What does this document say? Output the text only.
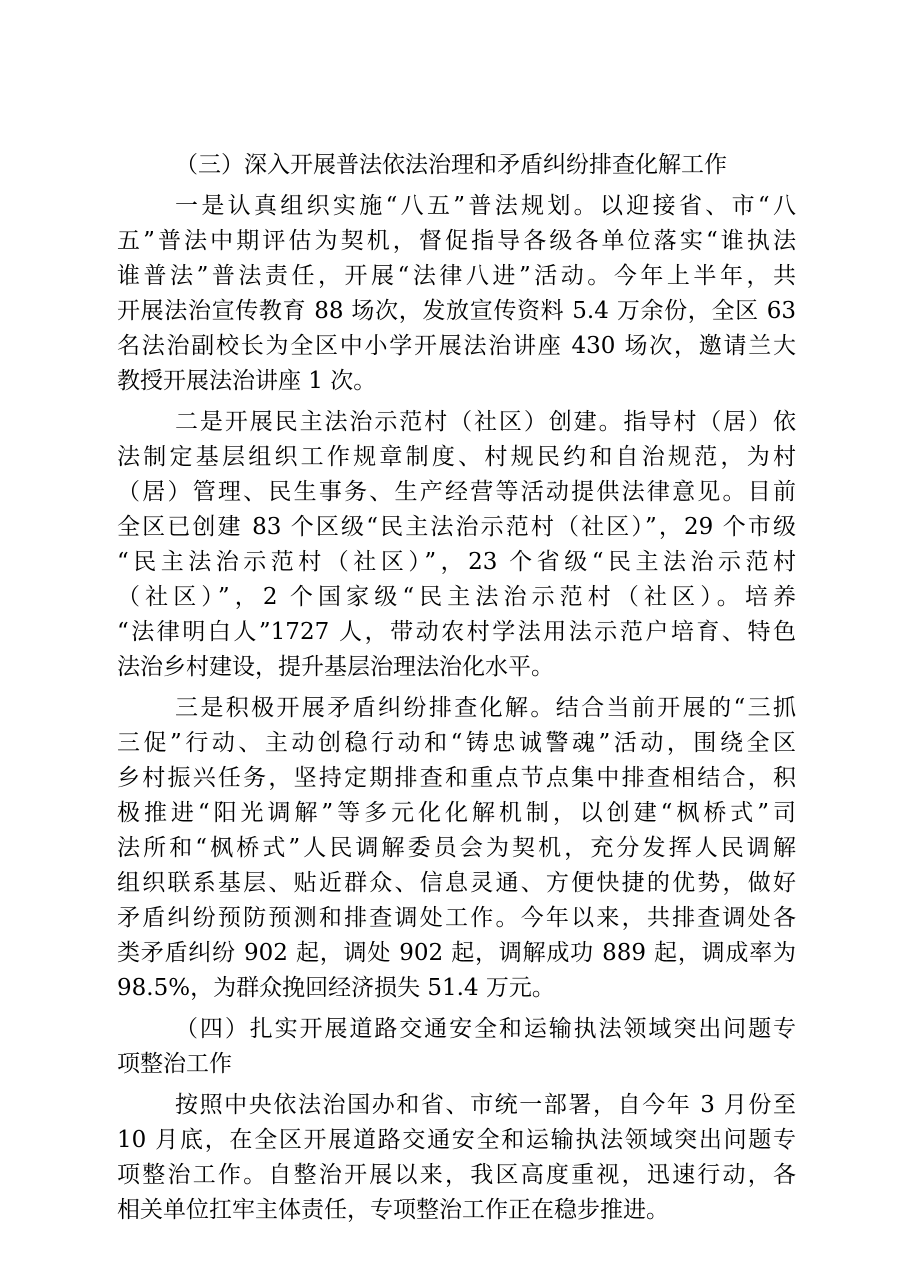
（三）深入开展普法依法治理和矛盾纠纷排查化解工作
一是认真组织实施“八五”普法规划。以迎接省、市“八
五”普法中期评估为契机，督促指导各级各单位落实“谁执法
谁普法”普法责任，开展“法律八进”活动。今年上半年，共
开展法治宣传教育 88 场次，发放宣传资料 5.4 万余份，全区 63
名法治副校长为全区中小学开展法治讲座 430 场次，邀请兰大
教授开展法治讲座 1 次。
二是开展民主法治示范村（社区）创建。指导村（居）依
法制定基层组织工作规章制度、村规民约和自治规范，为村
（居）管理、民生事务、生产经营等活动提供法律意见。目前
全区已创建 83 个区级“民主法治示范村（社区）”，29 个市级
“民主法治示范村（社区）”，23 个省级“民主法治示范村
（社区）”，2 个国家级“民主法治示范村（社区）。培养
“法律明白人”1727 人，带动农村学法用法示范户培育、特色
法治乡村建设，提升基层治理法治化水平。
三是积极开展矛盾纠纷排查化解。结合当前开展的“三抓
三促”行动、主动创稳行动和“铸忠诚警魂”活动，围绕全区
乡村振兴任务，坚持定期排查和重点节点集中排查相结合，积
极推进“阳光调解”等多元化化解机制，以创建“枫桥式”司
法所和“枫桥式”人民调解委员会为契机，充分发挥人民调解
组织联系基层、贴近群众、信息灵通、方便快捷的优势，做好
矛盾纠纷预防预测和排查调处工作。今年以来，共排查调处各
类矛盾纠纷 902 起，调处 902 起，调解成功 889 起，调成率为
98.5%，为群众挽回经济损失 51.4 万元。
（四）扎实开展道路交通安全和运输执法领域突出问题专
项整治工作
按照中央依法治国办和省、市统一部署，自今年 3 月份至
10 月底，在全区开展道路交通安全和运输执法领域突出问题专
项整治工作。自整治开展以来，我区高度重视，迅速行动，各
相关单位扛牢主体责任，专项整治工作正在稳步推进。
